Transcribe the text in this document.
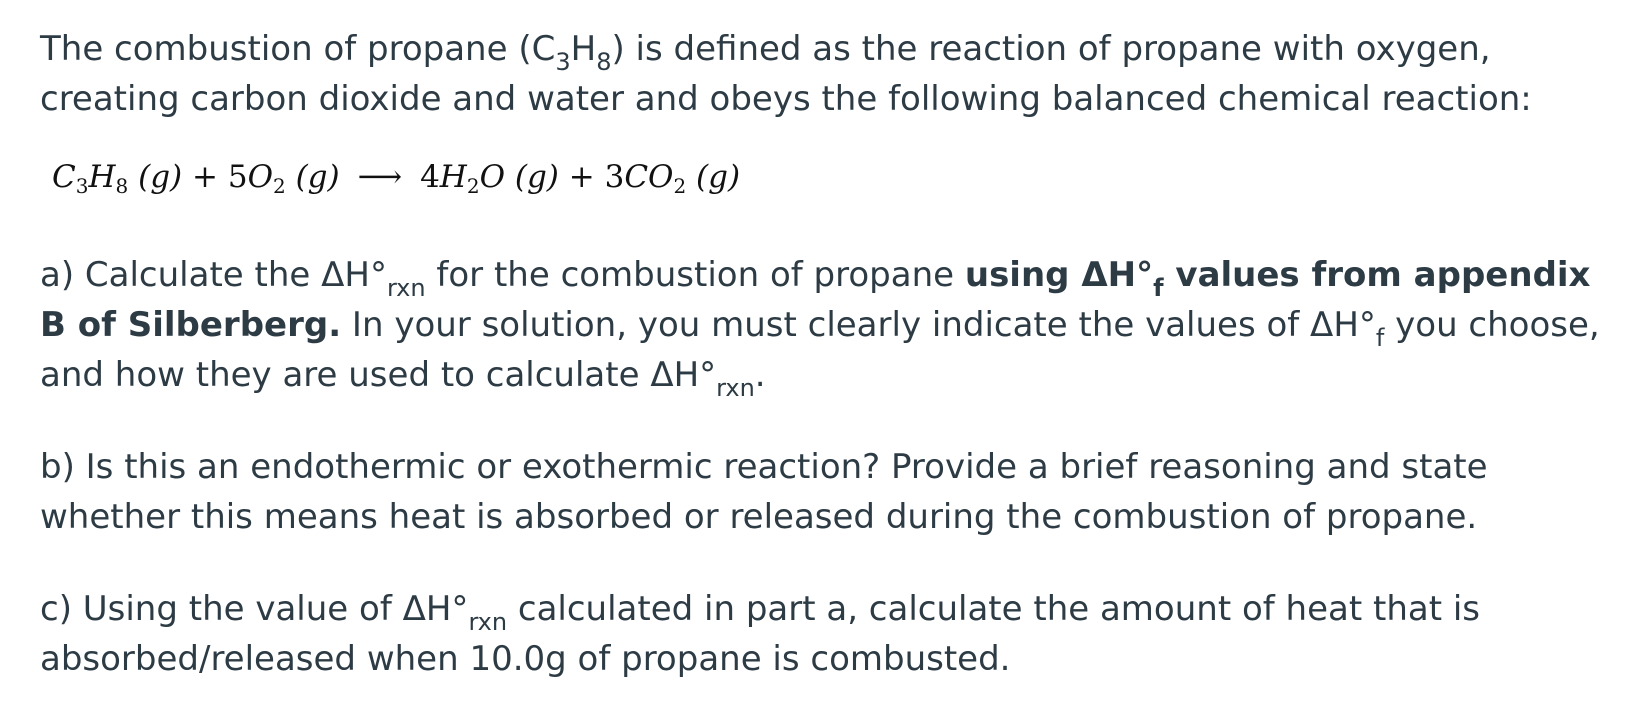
The combustion of propane $(C_3H_8)$ is defined as the reaction of propane with oxygen, creating carbon dioxide and water and obeys the following balanced chemical reaction:

$C_3H_8$ $(g) + 5O_2$ (g) ⟶ $4H_2O$ $(g) + 3CO_2$ (g)

a) Calculate the $\Delta H^\circ_{rxn}$ for the combustion of propane using $\Delta H^\circ_f$ values from appendix B of Silberberg. In your solution, you must clearly indicate the values of $\Delta H^\circ_f$ you choose, and how they are used to calculate $\Delta H^\circ_{rxn}$.

b) Is this an endothermic or exothermic reaction? Provide a brief reasoning and state whether this means heat is absorbed or released during the combustion of propane.

c) Using the value of $\Delta H^\circ_{rxn}$ calculated in part a, calculate the amount of heat that is absorbed/released when 10.0g of propane is combusted.
